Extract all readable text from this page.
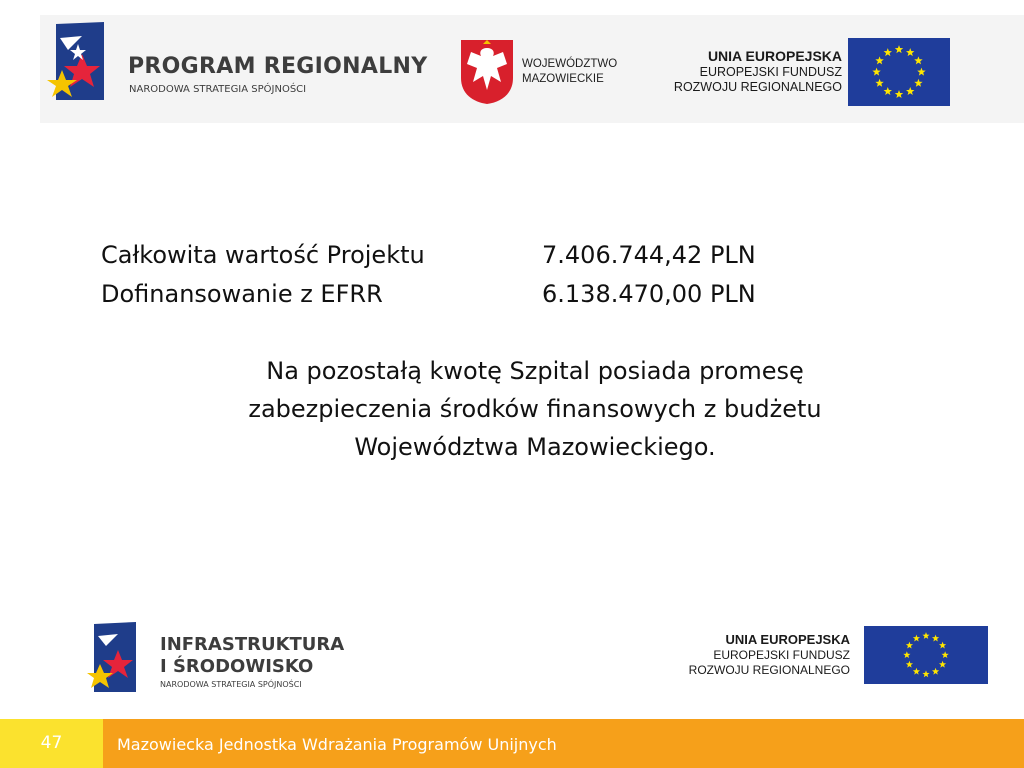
PROGRAM REGIONALNY
NARODOWA STRATEGIA SPÓJNOŚCI
WOJEWÓDZTWO
MAZOWIECKIE
UNIA EUROPEJSKA
EUROPEJSKI FUNDUSZ
ROZWOJU REGIONALNEGO
Całkowita wartość Projektu	7.406.744,42 PLN
Dofinansowanie z EFRR	6.138.470,00 PLN
Na pozostałą kwotę Szpital posiada promesę
zabezpieczenia środków finansowych z budżetu
Województwa Mazowieckiego.
INFRASTRUKTURA
I ŚRODOWISKO
NARODOWA STRATEGIA SPÓJNOŚCI
UNIA EUROPEJSKA
EUROPEJSKI FUNDUSZ
ROZWOJU REGIONALNEGO
47	Mazowiecka Jednostka Wdrażania Programów Unijnych
